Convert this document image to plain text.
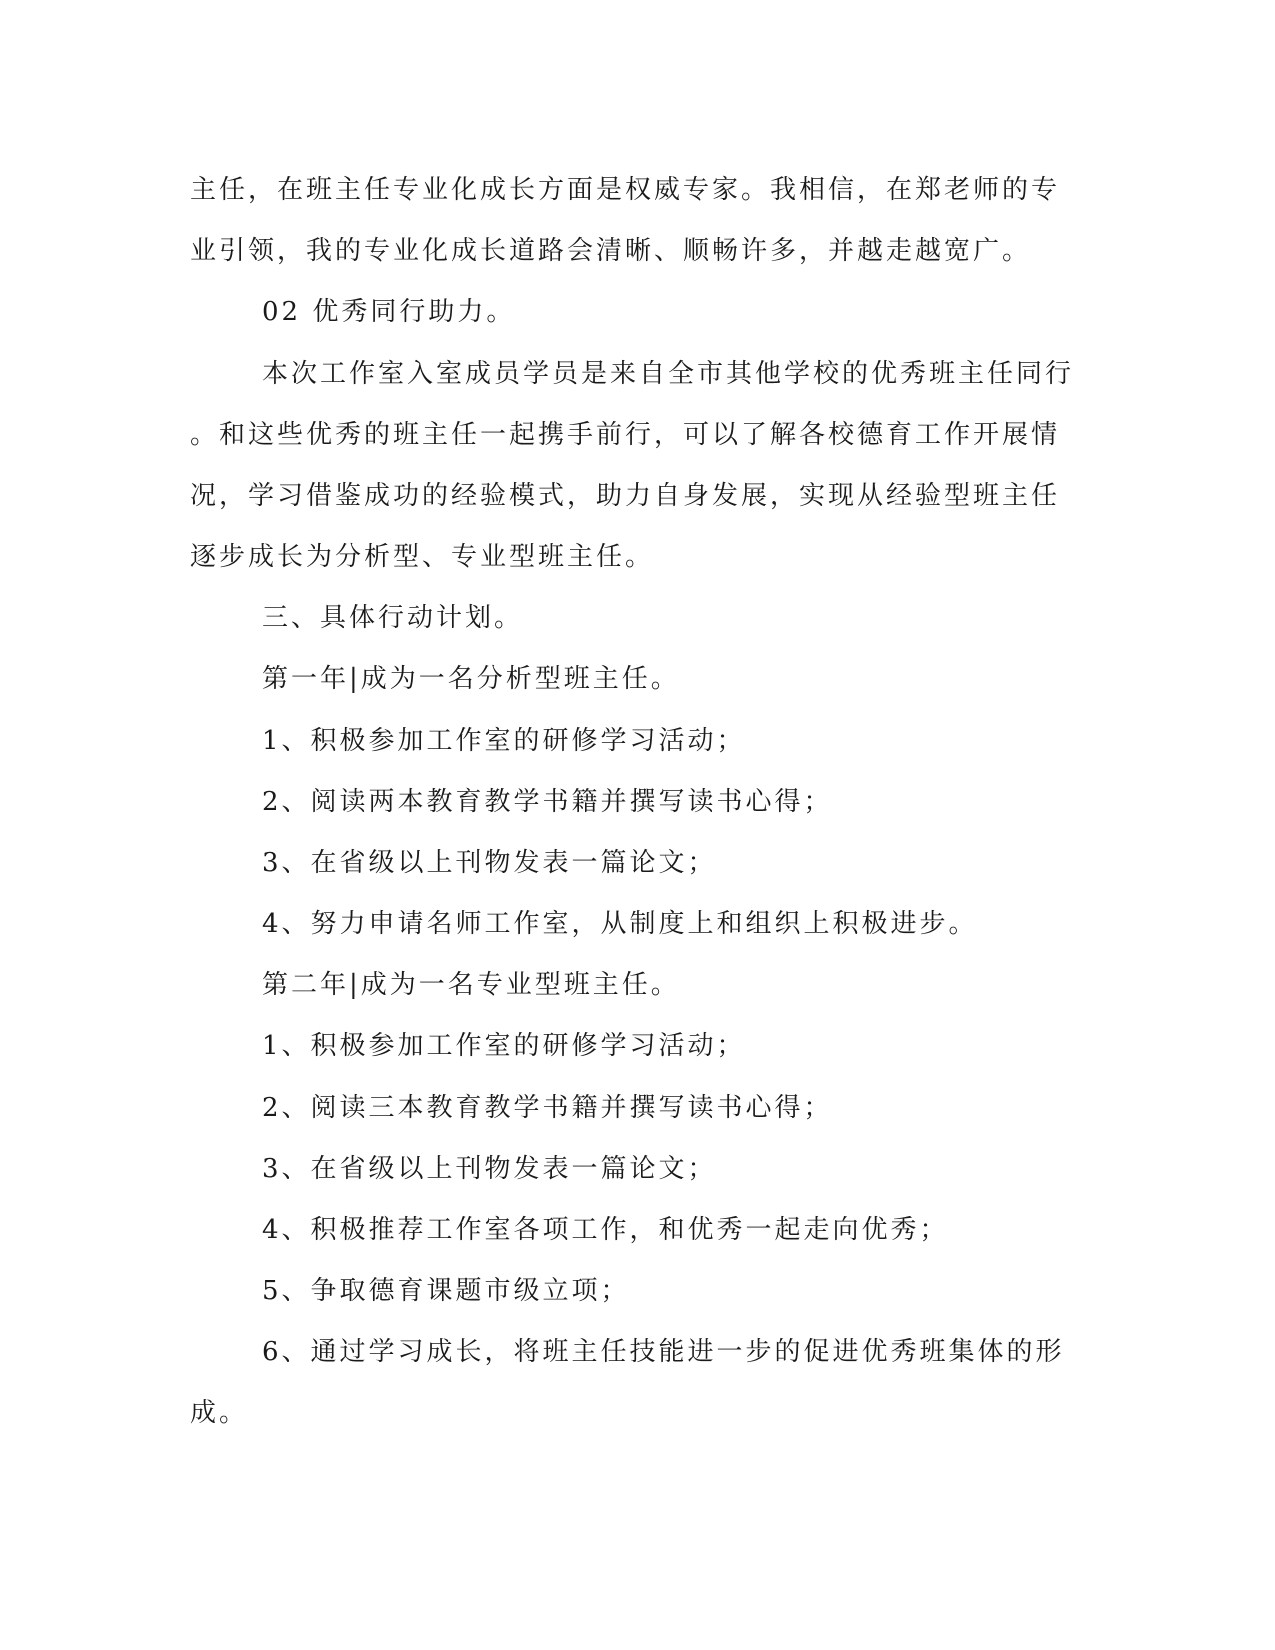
主任，在班主任专业化成长方面是权威专家。我相信，在郑老师的专
业引领，我的专业化成长道路会清晰、顺畅许多，并越走越宽广。
02 优秀同行助力。
本次工作室入室成员学员是来自全市其他学校的优秀班主任同行
。和这些优秀的班主任一起携手前行，可以了解各校德育工作开展情
况，学习借鉴成功的经验模式，助力自身发展，实现从经验型班主任
逐步成长为分析型、专业型班主任。
三、具体行动计划。
第一年|成为一名分析型班主任。
1、积极参加工作室的研修学习活动；
2、阅读两本教育教学书籍并撰写读书心得；
3、在省级以上刊物发表一篇论文；
4、努力申请名师工作室，从制度上和组织上积极进步。
第二年|成为一名专业型班主任。
1、积极参加工作室的研修学习活动；
2、阅读三本教育教学书籍并撰写读书心得；
3、在省级以上刊物发表一篇论文；
4、积极推荐工作室各项工作，和优秀一起走向优秀；
5、争取德育课题市级立项；
6、通过学习成长，将班主任技能进一步的促进优秀班集体的形
成。
